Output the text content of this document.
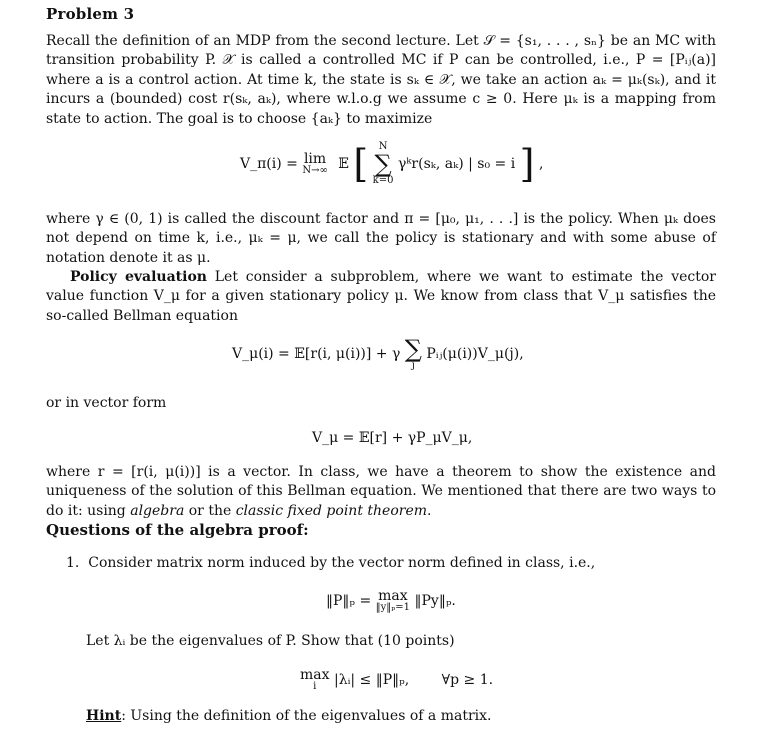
Problem 3

Recall the definition of an MDP from the second lecture. Let 𝒮 = {s₁, . . . , sₙ} be an MC with transition probability P. 𝒳 is called a controlled MC if P can be controlled, i.e., P = [Pᵢⱼ(a)] where a is a control action. At time k, the state is sₖ ∈ 𝒳, we take an action aₖ = μₖ(sₖ), and it incurs a (bounded) cost r(sₖ, aₖ), where w.l.o.g we assume c ≥ 0. Here μₖ is a mapping from state to action. The goal is to choose {aₖ} to maximize

V_π(i) = lim
N→∞ 𝔼 [	N
∑
k=0
γᵏr(sₖ, aₖ) | s₀ = i ] ,

where γ ∈ (0, 1) is called the discount factor and π = [μ₀, μ₁, . . .] is the policy. When μₖ does not depend on time k, i.e., μₖ = μ, we call the policy is stationary and with some abuse of notation denote it as μ.

Policy evaluation Let consider a subproblem, where we want to estimate the vector value function V_μ for a given stationary policy μ. We know from class that V_μ satisfies the so-called Bellman equation

V_μ(i) = 𝔼[r(i, μ(i))] + γ ∑
j
Pᵢⱼ(μ(i))V_μ(j),

or in vector form

V_μ = 𝔼[r] + γP_μV_μ,

where r = [r(i, μ(i))] is a vector. In class, we have a theorem to show the existence and uniqueness of the solution of this Bellman equation. We mentioned that there are two ways to do it: using algebra or the classic fixed point theorem.

Questions of the algebra proof:

1. Consider matrix norm induced by the vector norm defined in class, i.e.,

‖P‖ₚ = max
‖y‖ₚ=1 ‖Py‖ₚ.
Let λᵢ be the eigenvalues of P. Show that (10 points)
max
i	|λᵢ| ≤ ‖P‖ₚ, ∀p ≥ 1.

Hint: Using the definition of the eigenvalues of a matrix.
